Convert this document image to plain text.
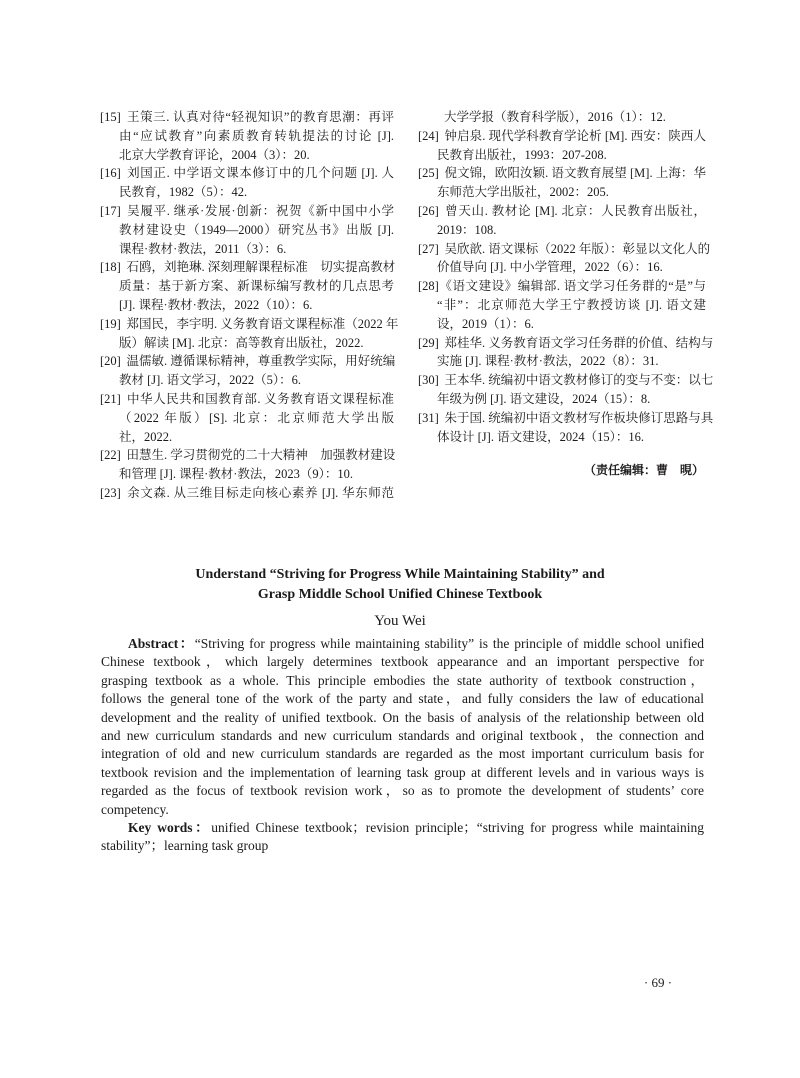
[15] 王策三. 认真对待“轻视知识”的教育思潮：再评
由“应试教育”向素质教育转轨提法的讨论 [J].
北京大学教育评论，2004（3）：20.
[16] 刘国正. 中学语文课本修订中的几个问题 [J]. 人
民教育，1982（5）：42.
[17] 吴履平. 继承·发展·创新：祝贺《新中国中小学
教材建设史（1949—2000）研究丛书》出版 [J].
课程·教材·教法，2011（3）：6.
[18] 石鸥，刘艳琳. 深刻理解课程标准　切实提高教材
质量：基于新方案、新课标编写教材的几点思考
[J]. 课程·教材·教法，2022（10）：6.
[19] 郑国民，李宇明. 义务教育语文课程标准（2022 年
版）解读 [M]. 北京：高等教育出版社，2022.
[20] 温儒敏. 遵循课标精神，尊重教学实际，用好统编
教材 [J]. 语文学习，2022（5）：6.
[21] 中华人民共和国教育部. 义务教育语文课程标准
（2022 年版）[S]. 北京：北京师范大学出版
社，2022.
[22] 田慧生. 学习贯彻党的二十大精神　加强教材建设
和管理 [J]. 课程·教材·教法，2023（9）：10.
[23] 余文森. 从三维目标走向核心素养 [J]. 华东师范
大学学报（教育科学版），2016（1）：12.
[24] 钟启泉. 现代学科教育学论析 [M]. 西安：陕西人
民教育出版社，1993：207-208.
[25] 倪文锦，欧阳汝颖. 语文教育展望 [M]. 上海：华
东师范大学出版社，2002：205.
[26] 曾天山. 教材论 [M]. 北京：人民教育出版社，
2019：108.
[27] 吴欣歆. 语文课标（2022 年版）：彰显以文化人的
价值导向 [J]. 中小学管理，2022（6）：16.
[28]《语文建设》编辑部. 语文学习任务群的“是”与
“非”：北京师范大学王宁教授访谈 [J]. 语文建
设，2019（1）：6.
[29] 郑桂华. 义务教育语文学习任务群的价值、结构与
实施 [J]. 课程·教材·教法，2022（8）：31.
[30] 王本华. 统编初中语文教材修订的变与不变：以七
年级为例 [J]. 语文建设，2024（15）：8.
[31] 朱于国. 统编初中语文教材写作板块修订思路与具
体设计 [J]. 语文建设，2024（15）：16.
（责任编辑：曹　晛）
Understand “Striving for Progress While Maintaining Stability” and
Grasp Middle School Unified Chinese Textbook
You Wei
Abstract：“Striving for progress while maintaining stability” is the principle of middle school unified
Chinese textbook，which largely determines textbook appearance and an important perspective for
grasping textbook as a whole. This principle embodies the state authority of textbook construction，
follows the general tone of the work of the party and state，and fully considers the law of educational
development and the reality of unified textbook. On the basis of analysis of the relationship between old
and new curriculum standards and new curriculum standards and original textbook，the connection and
integration of old and new curriculum standards are regarded as the most important curriculum basis for
textbook revision and the implementation of learning task group at different levels and in various ways is
regarded as the focus of textbook revision work，so as to promote the development of students’ core
competency.
Key words：unified Chinese textbook；revision principle；“striving for progress while maintaining
stability”；learning task group
· 69 ·
